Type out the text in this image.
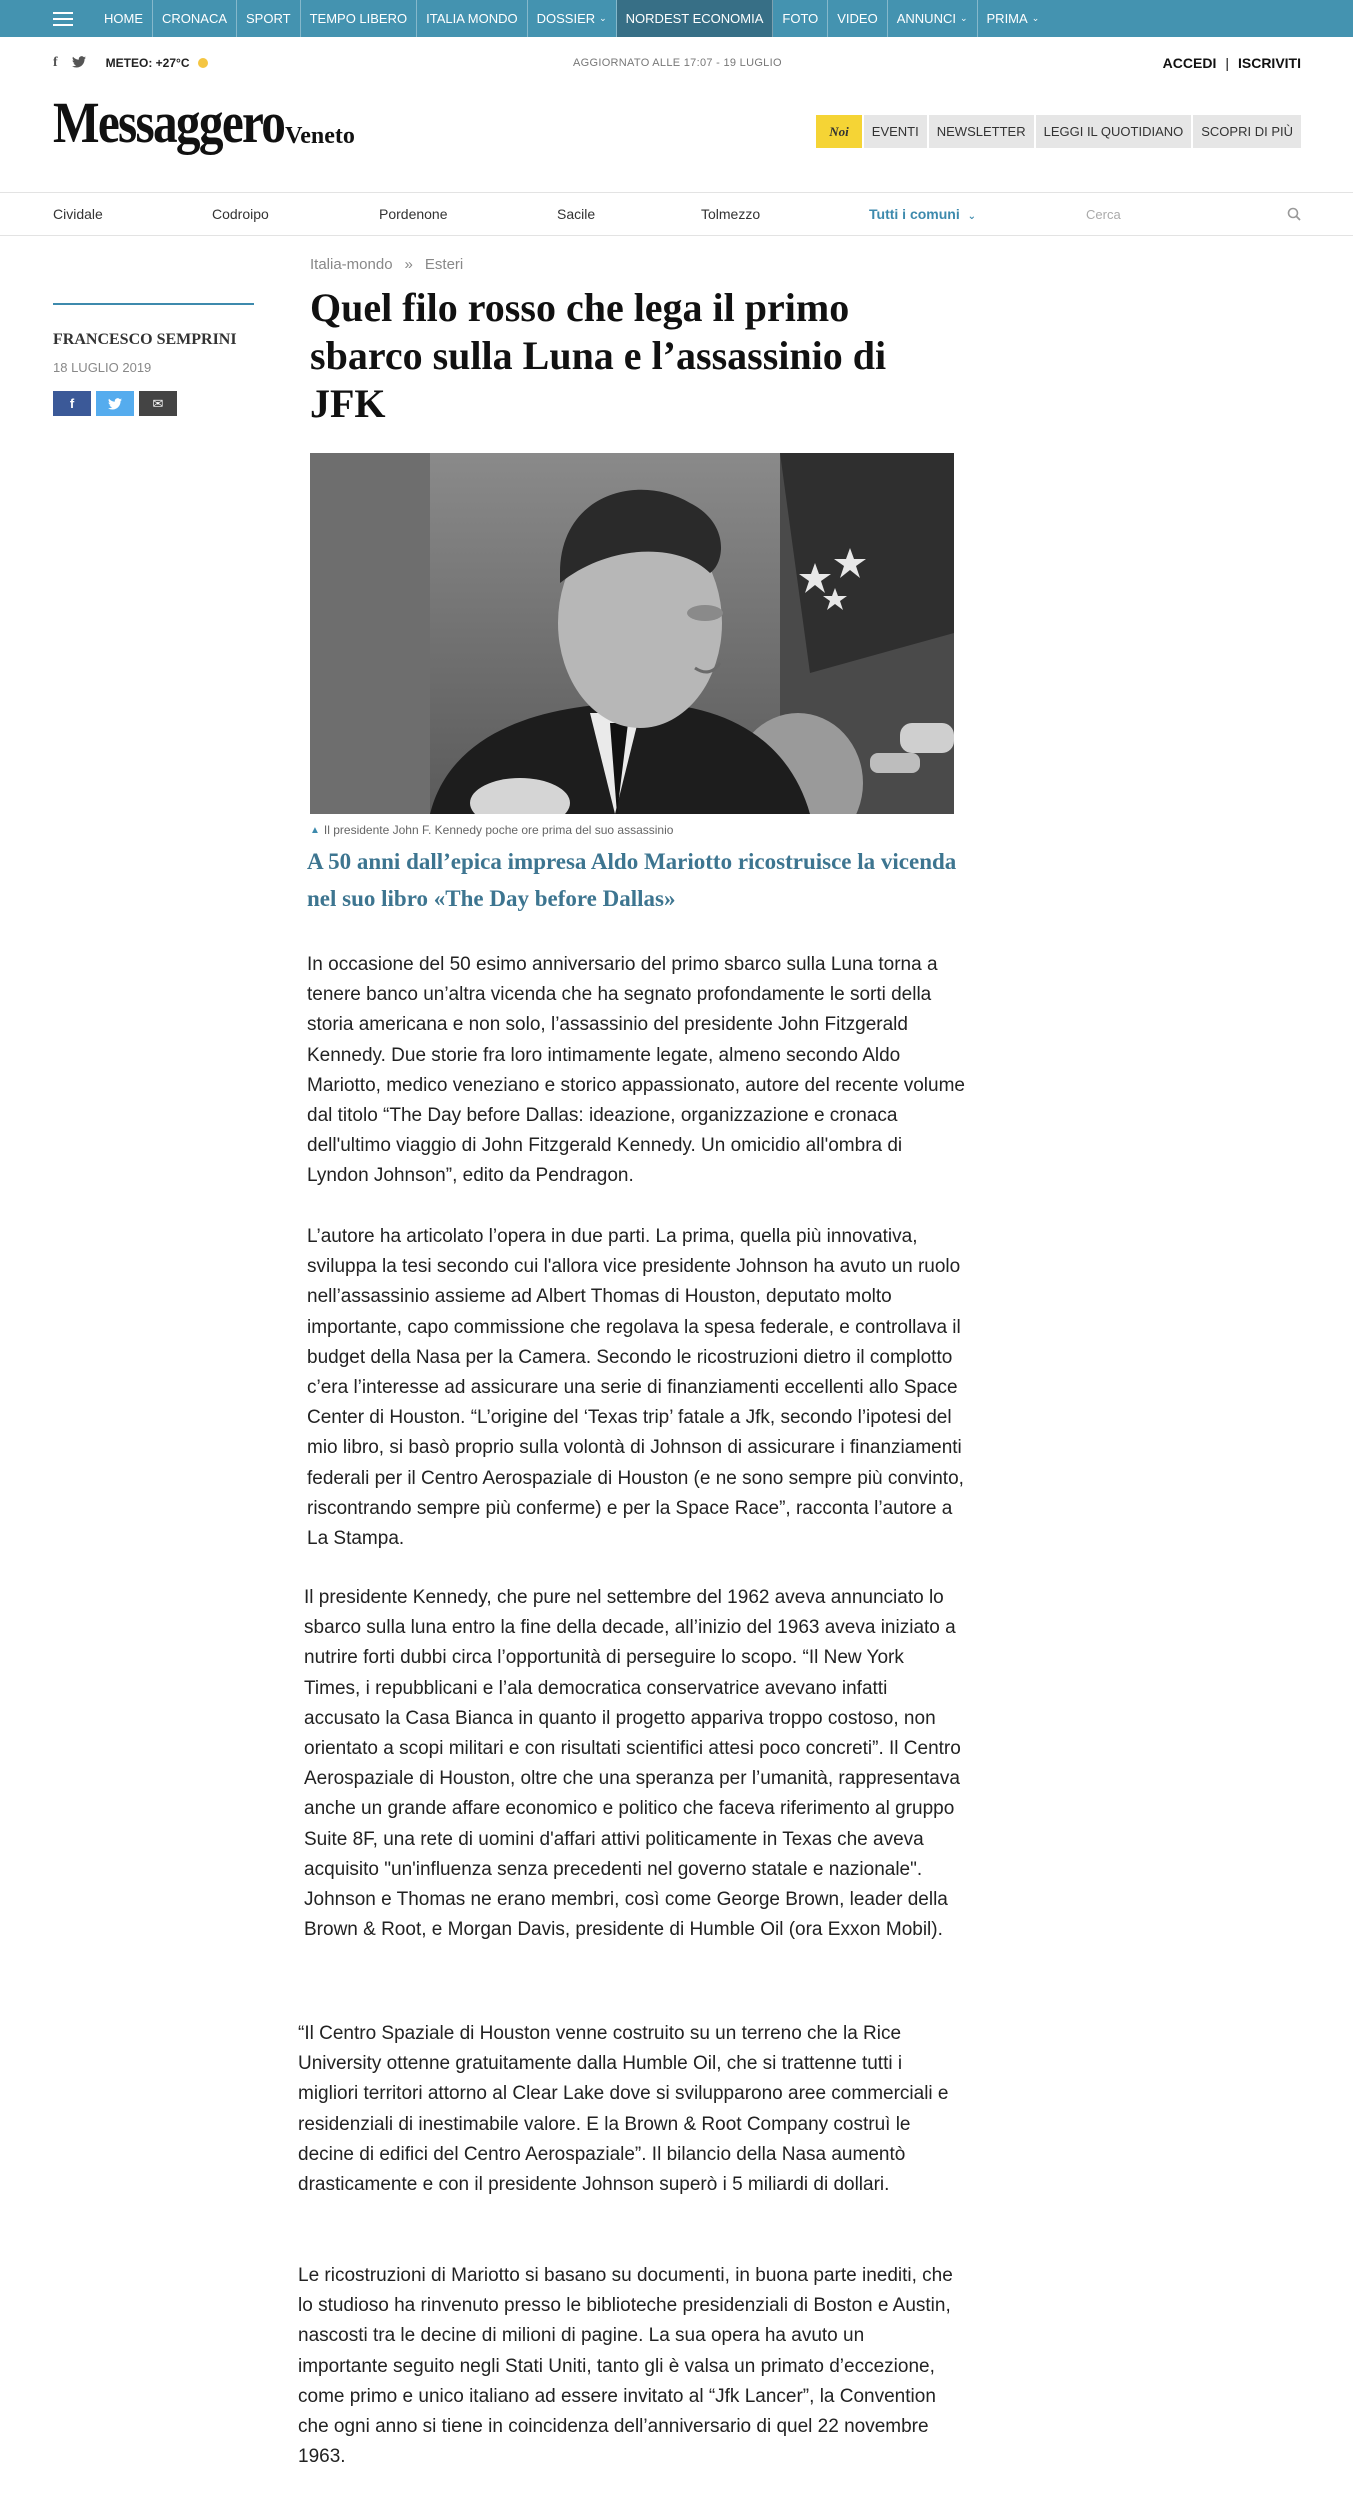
HOME CRONACA SPORT TEMPO LIBERO ITALIA MONDO DOSSIER ⌄ NORDEST ECONOMIA FOTO VIDEO ANNUNCI ⌄ PRIMA ⌄
f	METEO: +27°C	AGGIORNATO ALLE 17:07 - 19 LUGLIO	ACCEDI | ISCRIVITI
Messaggero Veneto	Noi	EVENTI	NEWSLETTER	LEGGI IL QUOTIDIANO	SCOPRI DI PIÙ
Cividale	Codroipo	Pordenone	Sacile	Tolmezzo	Tutti i comuni ⌄	Cerca
FRANCESCO SEMPRINI
18 LUGLIO 2019
f	✉
Italia-mondo » Esteri
Quel filo rosso che lega il primo sbarco sulla Luna e l’assassinio di JFK
▲ Il presidente John F. Kennedy poche ore prima del suo assassinio
A 50 anni dall’epica impresa Aldo Mariotto ricostruisce la vicenda nel suo libro «The Day before Dallas»

In occasione del 50 esimo anniversario del primo sbarco sulla Luna torna a tenere banco un’altra vicenda che ha segnato profondamente le sorti della storia americana e non solo, l’assassinio del presidente John Fitzgerald Kennedy. Due storie fra loro intimamente legate, almeno secondo Aldo Mariotto, medico veneziano e storico appassionato, autore del recente volume dal titolo “The Day before Dallas: ideazione, organizzazione e cronaca dell'ultimo viaggio di John Fitzgerald Kennedy. Un omicidio all'ombra di Lyndon Johnson”, edito da Pendragon.

L’autore ha articolato l’opera in due parti. La prima, quella più innovativa, sviluppa la tesi secondo cui l'allora vice presidente Johnson ha avuto un ruolo nell’assassinio assieme ad Albert Thomas di Houston, deputato molto importante, capo commissione che regolava la spesa federale, e controllava il budget della Nasa per la Camera. Secondo le ricostruzioni dietro il complotto c’era l’interesse ad assicurare una serie di finanziamenti eccellenti allo Space Center di Houston. “L’origine del ‘Texas trip’ fatale a Jfk, secondo l’ipotesi del mio libro, si basò proprio sulla volontà di Johnson di assicurare i finanziamenti federali per il Centro Aerospaziale di Houston (e ne sono sempre più convinto, riscontrando sempre più conferme) e per la Space Race”, racconta l’autore a La Stampa.

Il presidente Kennedy, che pure nel settembre del 1962 aveva annunciato lo sbarco sulla luna entro la fine della decade, all’inizio del 1963 aveva iniziato a nutrire forti dubbi circa l’opportunità di perseguire lo scopo. “Il New York Times, i repubblicani e l’ala democratica conservatrice avevano infatti accusato la Casa Bianca in quanto il progetto appariva troppo costoso, non orientato a scopi militari e con risultati scientifici attesi poco concreti”. Il Centro Aerospaziale di Houston, oltre che una speranza per l’umanità, rappresentava anche un grande affare economico e politico che faceva riferimento al gruppo Suite 8F, una rete di uomini d'affari attivi politicamente in Texas che aveva acquisito "un'influenza senza precedenti nel governo statale e nazionale". Johnson e Thomas ne erano membri, così come George Brown, leader della Brown & Root, e Morgan Davis, presidente di Humble Oil (ora Exxon Mobil).

“Il Centro Spaziale di Houston venne costruito su un terreno che la Rice University ottenne gratuitamente dalla Humble Oil, che si trattenne tutti i migliori territori attorno al Clear Lake dove si svilupparono aree commerciali e residenziali di inestimabile valore. E la Brown & Root Company costruì le decine di edifici del Centro Aerospaziale”. Il bilancio della Nasa aumentò drasticamente e con il presidente Johnson superò i 5 miliardi di dollari.

Le ricostruzioni di Mariotto si basano su documenti, in buona parte inediti, che lo studioso ha rinvenuto presso le biblioteche presidenziali di Boston e Austin, nascosti tra le decine di milioni di pagine. La sua opera ha avuto un importante seguito negli Stati Uniti, tanto gli è valsa un primato d’eccezione, come primo e unico italiano ad essere invitato al “Jfk Lancer”, la Convention che ogni anno si tiene in coincidenza dell’anniversario di quel 22 novembre 1963.
